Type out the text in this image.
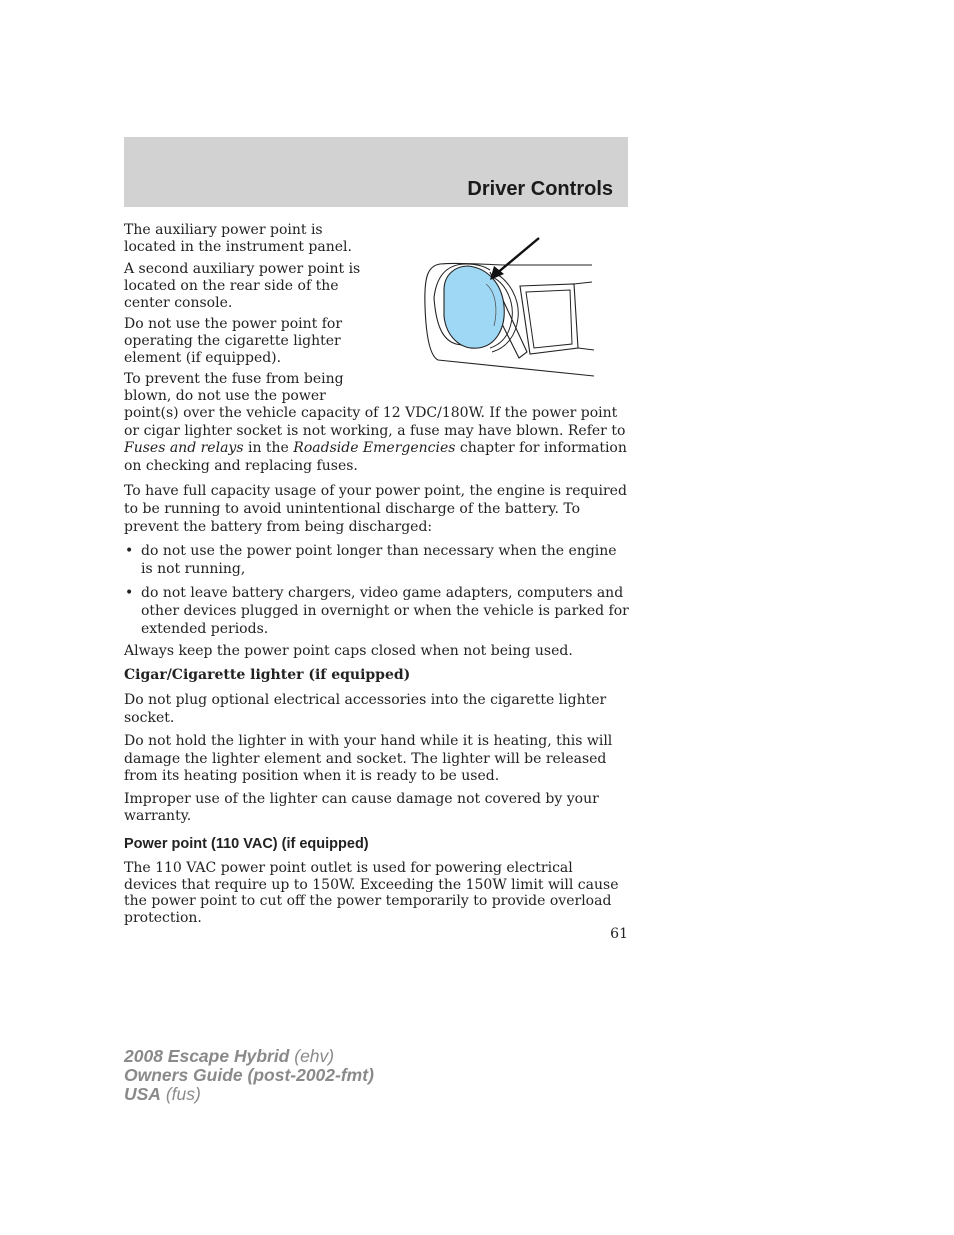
Driver Controls

The auxiliary power point is located in the instrument panel.

A second auxiliary power point is located on the rear side of the center console.

Do not use the power point for operating the cigarette lighter element (if equipped).

To prevent the fuse from being blown, do not use the power

point(s) over the vehicle capacity of 12 VDC/180W. If the power point or cigar lighter socket is not working, a fuse may have blown. Refer to Fuses and relays in the Roadside Emergencies chapter for information on checking and replacing fuses.

To have full capacity usage of your power point, the engine is required to be running to avoid unintentional discharge of the battery. To prevent the battery from being discharged:

• do not use the power point longer than necessary when the engine is not running,
• do not leave battery chargers, video game adapters, computers and other devices plugged in overnight or when the vehicle is parked for extended periods.

Always keep the power point caps closed when not being used.

Cigar/Cigarette lighter (if equipped)

Do not plug optional electrical accessories into the cigarette lighter socket.

Do not hold the lighter in with your hand while it is heating, this will damage the lighter element and socket. The lighter will be released from its heating position when it is ready to be used.

Improper use of the lighter can cause damage not covered by your warranty.

Power point (110 VAC) (if equipped)

The 110 VAC power point outlet is used for powering electrical devices that require up to 150W. Exceeding the 150W limit will cause the power point to cut off the power temporarily to provide overload protection.

61
2008 Escape Hybrid (ehv)
Owners Guide (post-2002-fmt)
USA (fus)
